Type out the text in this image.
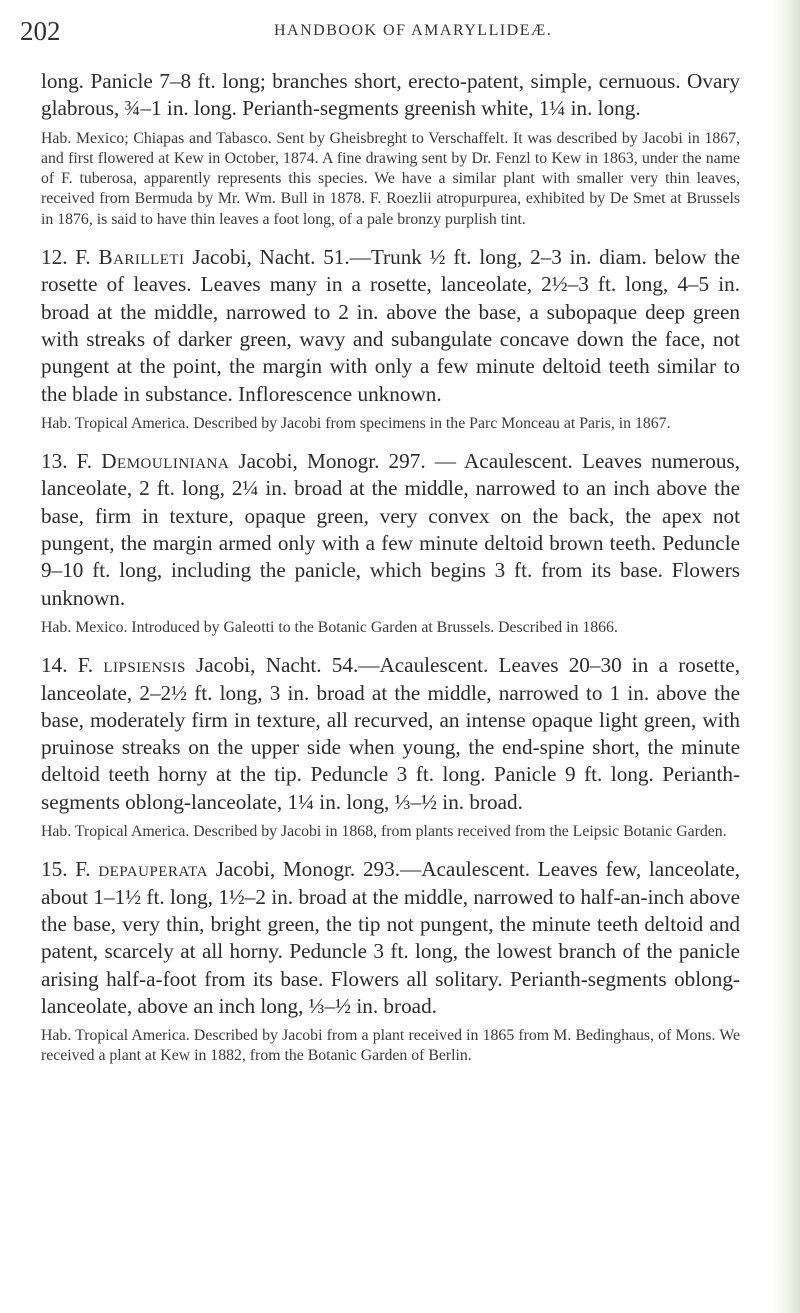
202	HANDBOOK OF AMARYLLIDEÆ.

long. Panicle 7–8 ft. long; branches short, erecto-patent, simple, cernuous. Ovary glabrous, ¾–1 in. long. Perianth-segments greenish white, 1¼ in. long.

Hab. Mexico; Chiapas and Tabasco. Sent by Gheisbreght to Verschaffelt. It was described by Jacobi in 1867, and first flowered at Kew in October, 1874. A fine drawing sent by Dr. Fenzl to Kew in 1863, under the name of F. tuberosa, apparently represents this species. We have a similar plant with smaller very thin leaves, received from Bermuda by Mr. Wm. Bull in 1878. F. Roezlii atropurpurea, exhibited by De Smet at Brussels in 1876, is said to have thin leaves a foot long, of a pale bronzy purplish tint.

12. F. Barilleti Jacobi, Nacht. 51.—Trunk ½ ft. long, 2–3 in. diam. below the rosette of leaves. Leaves many in a rosette, lanceolate, 2½–3 ft. long, 4–5 in. broad at the middle, narrowed to 2 in. above the base, a subopaque deep green with streaks of darker green, wavy and subangulate concave down the face, not pungent at the point, the margin with only a few minute deltoid teeth similar to the blade in substance. Inflorescence unknown.

Hab. Tropical America. Described by Jacobi from specimens in the Parc Monceau at Paris, in 1867.

13. F. Demouliniana Jacobi, Monogr. 297. — Acaulescent. Leaves numerous, lanceolate, 2 ft. long, 2¼ in. broad at the middle, narrowed to an inch above the base, firm in texture, opaque green, very convex on the back, the apex not pungent, the margin armed only with a few minute deltoid brown teeth. Peduncle 9–10 ft. long, including the panicle, which begins 3 ft. from its base. Flowers unknown.

Hab. Mexico. Introduced by Galeotti to the Botanic Garden at Brussels. Described in 1866.

14. F. lipsiensis Jacobi, Nacht. 54.—Acaulescent. Leaves 20–30 in a rosette, lanceolate, 2–2½ ft. long, 3 in. broad at the middle, narrowed to 1 in. above the base, moderately firm in texture, all recurved, an intense opaque light green, with pruinose streaks on the upper side when young, the end-spine short, the minute deltoid teeth horny at the tip. Peduncle 3 ft. long. Panicle 9 ft. long. Perianth-segments oblong-lanceolate, 1¼ in. long, ⅓–½ in. broad.

Hab. Tropical America. Described by Jacobi in 1868, from plants received from the Leipsic Botanic Garden.

15. F. depauperata Jacobi, Monogr. 293.—Acaulescent. Leaves few, lanceolate, about 1–1½ ft. long, 1½–2 in. broad at the middle, narrowed to half-an-inch above the base, very thin, bright green, the tip not pungent, the minute teeth deltoid and patent, scarcely at all horny. Peduncle 3 ft. long, the lowest branch of the panicle arising half-a-foot from its base. Flowers all solitary. Perianth-segments oblong-lanceolate, above an inch long, ⅓–½ in. broad.

Hab. Tropical America. Described by Jacobi from a plant received in 1865 from M. Bedinghaus, of Mons. We received a plant at Kew in 1882, from the Botanic Garden of Berlin.
